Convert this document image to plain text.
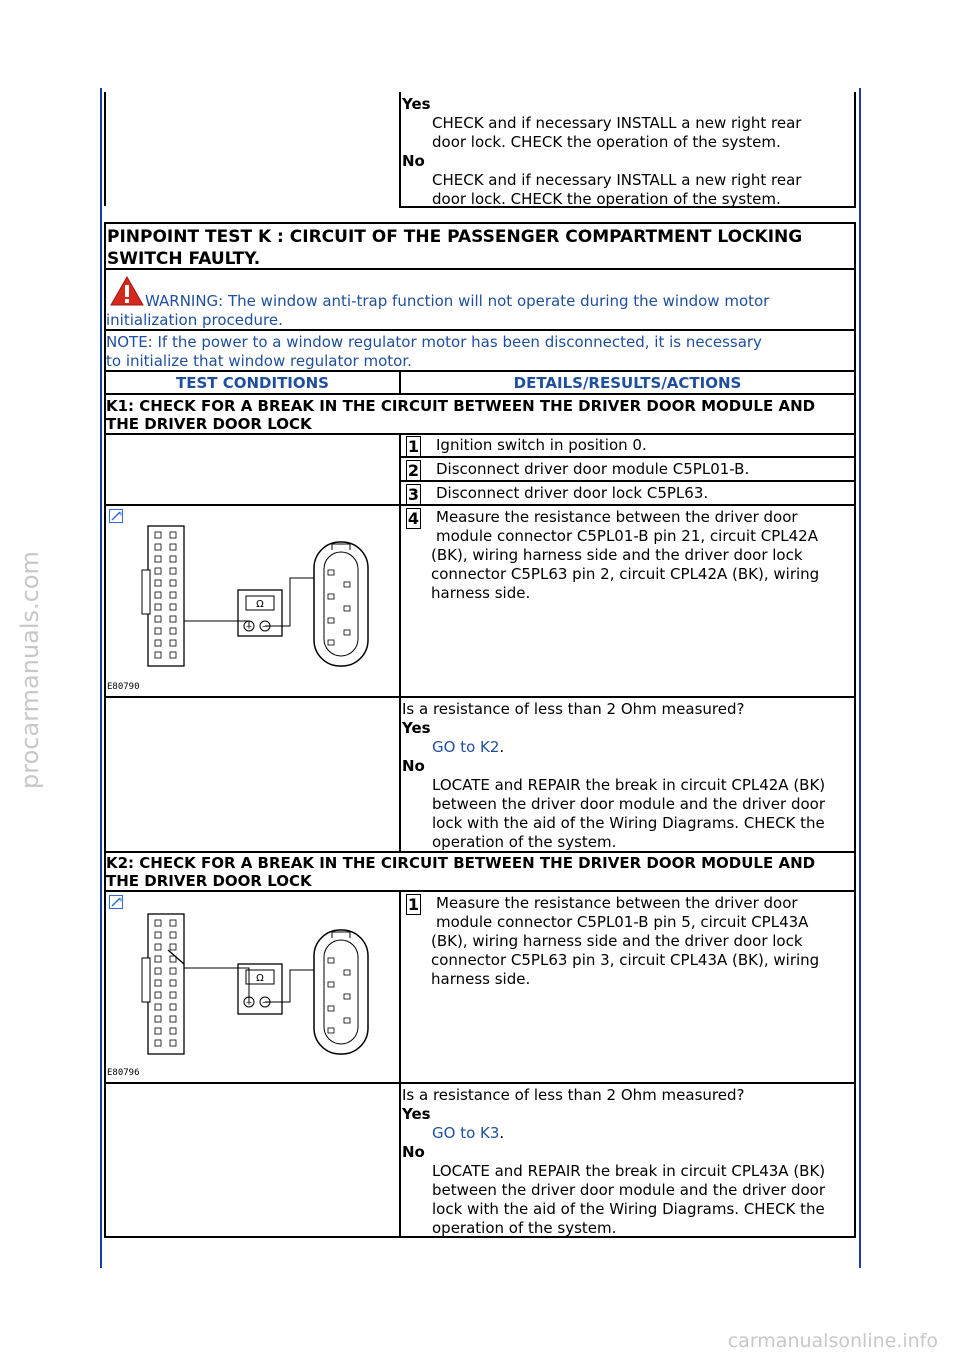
procarmanuals.com
carmanualsonline.info
Yes
CHECK and if necessary INSTALL a new right rear
door lock. CHECK the operation of the system.
No
CHECK and if necessary INSTALL a new right rear
door lock. CHECK the operation of the system.
PINPOINT TEST K : CIRCUIT OF THE PASSENGER COMPARTMENT LOCKING
SWITCH FAULTY.
WARNING: The window anti-trap function will not operate during the window motor
initialization procedure.
NOTE: If the power to a window regulator motor has been disconnected, it is necessary
to initialize that window regulator motor.
TEST CONDITIONS	DETAILS/RESULTS/ACTIONS
K1: CHECK FOR A BREAK IN THE CIRCUIT BETWEEN THE DRIVER DOOR MODULE AND
THE DRIVER DOOR LOCK
1 Ignition switch in position 0.
2 Disconnect driver door module C5PL01-B.
3 Disconnect driver door lock C5PL63.
4 Measure the resistance between the driver door
module connector C5PL01-B pin 21, circuit CPL42A
(BK), wiring harness side and the driver door lock
connector C5PL63 pin 2, circuit CPL42A (BK), wiring
harness side.
+
Ω
+ −
E80790
Is a resistance of less than 2 Ohm measured?
Yes
GO to K2.
No
LOCATE and REPAIR the break in circuit CPL42A (BK)
between the driver door module and the driver door
lock with the aid of the Wiring Diagrams. CHECK the
operation of the system.
K2: CHECK FOR A BREAK IN THE CIRCUIT BETWEEN THE DRIVER DOOR MODULE AND
THE DRIVER DOOR LOCK
1 Measure the resistance between the driver door
module connector C5PL01-B pin 5, circuit CPL43A
(BK), wiring harness side and the driver door lock
connector C5PL63 pin 3, circuit CPL43A (BK), wiring
harness side.
+
Ω
+ −
E80796
Is a resistance of less than 2 Ohm measured?
Yes
GO to K3.
No
LOCATE and REPAIR the break in circuit CPL43A (BK)
between the driver door module and the driver door
lock with the aid of the Wiring Diagrams. CHECK the
operation of the system.
